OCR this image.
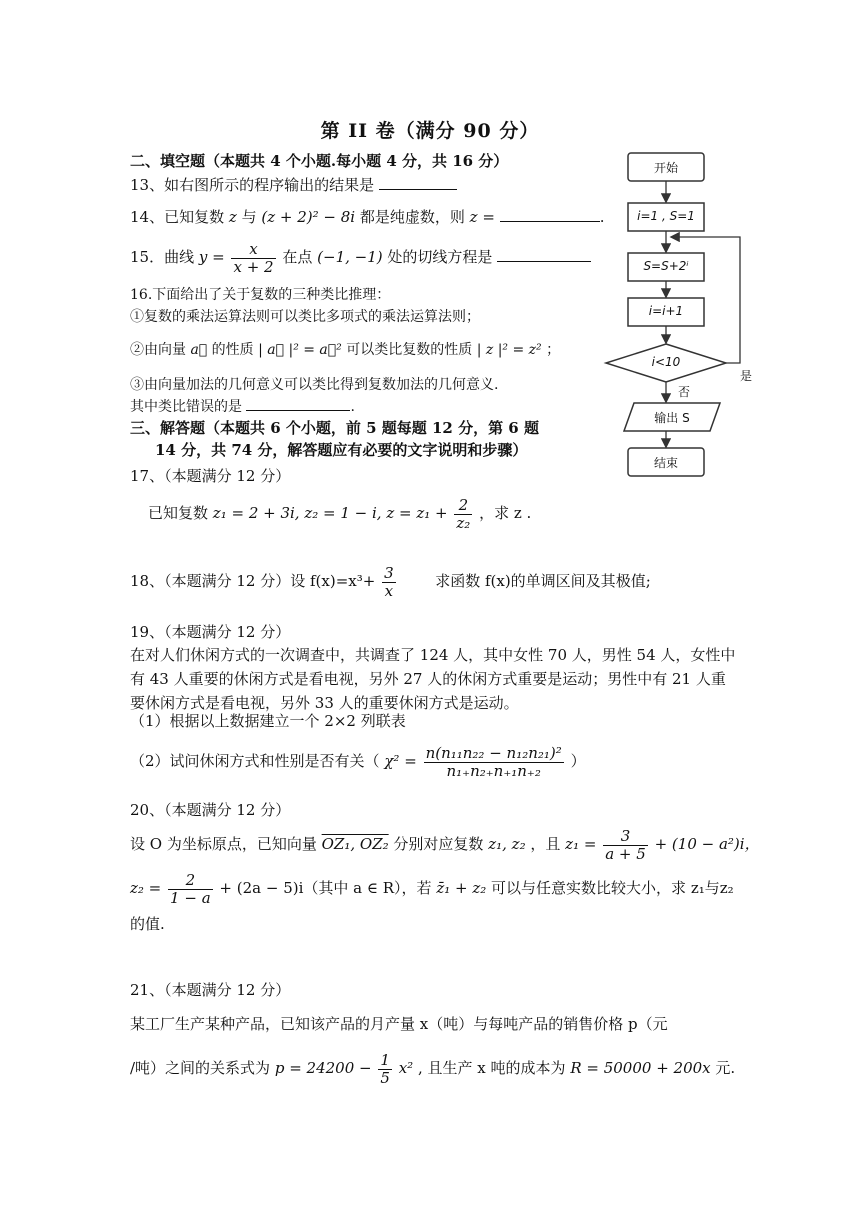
第 II 卷（满分 90 分）
二、填空题（本题共 4 个小题.每小题 4 分，共 16 分）
13、如右图所示的程序输出的结果是
14、已知复数 z 与 (z + 2)² − 8i 都是纯虚数，则 z =	.
15．曲线 $y = \frac{x}{x + 2}$ 在点 (−1, −1) 处的切线方程是
16.下面给出了关于复数的三种类比推理：
①复数的乘法运算法则可以类比多项式的乘法运算法则；
②由向量 a⃗ 的性质 | a⃗ |² = a⃗² 可以类比复数的性质 | z |² = z² ；
③由向量加法的几何意义可以类比得到复数加法的几何意义.
其中类比错误的是	.
三、解答题（本题共 6 个小题，前 5 题每题 12 分，第 6 题
14 分，共 74 分，解答题应有必要的文字说明和步骤）
17、（本题满分 12 分）
已知复数 z₁ = 2 + 3i, z₂ = 1 − i, $z = z_1 + \frac{2}{\text{z₂}}$ ，求 z .
18、（本题满分 12 分）设 $f(x)=x^3+ \frac{3}{x}$	求函数 f(x)的单调区间及其极值;
19、（本题满分 12 分）
在对人们休闲方式的一次调查中，共调查了 124 人，其中女性 70 人，男性 54 人，女性中有 43 人重要的休闲方式是看电视，另外 27 人的休闲方式重要是运动；男性中有 21 人重要休闲方式是看电视，另外 33 人的重要休闲方式是运动。
（1）根据以上数据建立一个 2×2 列联表
（2）试问休闲方式和性别是否有关（ $\chi^2 = \frac{\text{n(n₁₁n₂₂ − n₁₂n₂₁)²}}{\text{n₁₊n₂₊n₊₁n₊₂}}$ ）
20、（本题满分 12 分）
设 O 为坐标原点，已知向量 OZ₁, OZ₂ 分别对应复数 z₁, z₂ ，且 $z_1 = \frac{3}{a + 5} + (10 - a^2)i$，
$z_2 = \frac{2}{1 - a} + (2a - 5)i$（其中 a ∈ R），若 z̄₁ + z₂ 可以与任意实数比较大小，求 z₁与z₂
的值.
21、（本题满分 12 分）
某工厂生产某种产品，已知该产品的月产量 x（吨）与每吨产品的销售价格 p（元
/吨）之间的关系式为 $p = 24200 - \frac{1}{5} x^2$ , 且生产 x 吨的成本为 R = 50000 + 200x 元.
开始
i=1 , S=1
S=S+2ⁱ
i=i+1
i<10
是
否
输出 S
结束
